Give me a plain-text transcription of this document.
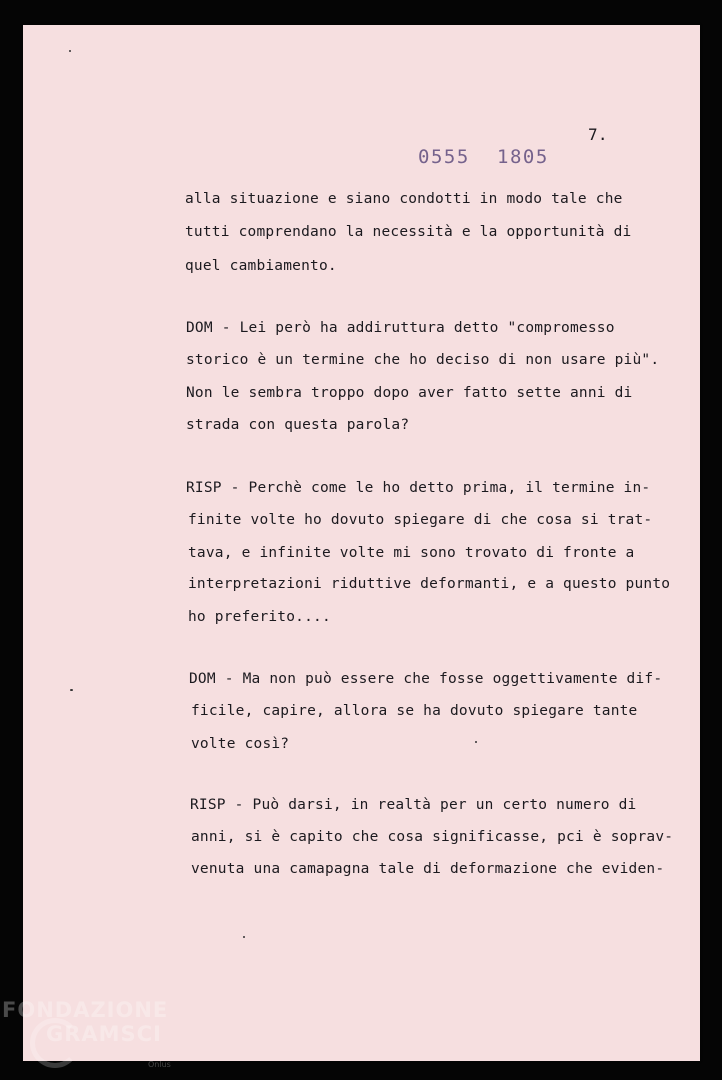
7.
0555 1805
alla situazione e siano condotti in modo tale che
tutti comprendano la necessità e la opportunità di
quel cambiamento.
DOM - Lei però ha addiruttura detto "compromesso
storico è un termine che ho deciso di non usare più".
Non le sembra troppo dopo aver fatto sette anni di
strada con questa parola?
RISP - Perchè come le ho detto prima, il termine in-
finite volte ho dovuto spiegare di che cosa si trat-
tava, e infinite volte mi sono trovato di fronte a
interpretazioni riduttive deformanti, e a questo punto
ho preferito....
DOM - Ma non può essere che fosse oggettivamente dif-
ficile, capire, allora se ha dovuto spiegare tante
volte così?
RISP - Può darsi, in realtà per un certo numero di
anni, si è capito che cosa significasse, pci è soprav-
venuta una camapagna tale di deformazione che eviden-
FONDAZIONE
GRAMSCI
Onlus
